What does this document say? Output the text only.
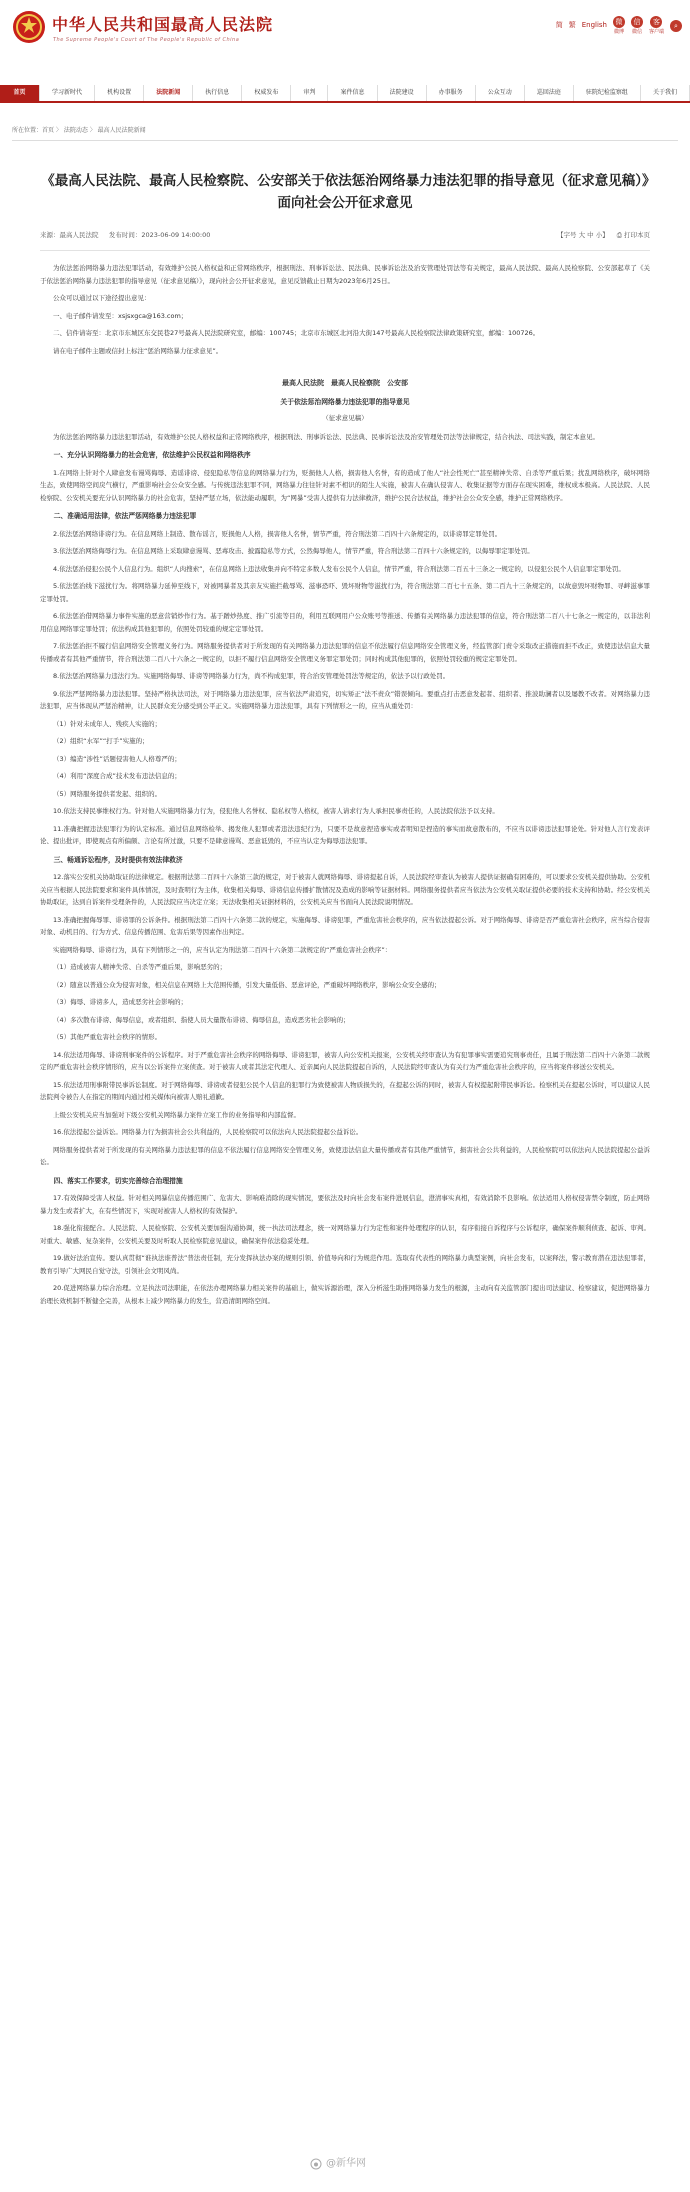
中华人民共和国最高人民法院
The Supreme People's Court of The People's Republic of China
简 繁 English	微
微博
信
微信
客
客户端
⌕
首页	学习新时代	机构设置	法院新闻	执行信息	权威发布	审判	案件信息	法院建设	办事服务	公众互动	巡回法庭	驻院纪检监察组	关于我们
所在位置：首页 〉 法院动态 〉 最高人民法院新闻
《最高人民法院、最高人民检察院、公安部关于依法惩治网络暴力违法犯罪的指导意见（征求意见稿）》面向社会公开征求意见
来源：最高人民法院 发布时间：2023-06-09 14:00:00	【字号 大 中 小】 ⎙ 打印本页

为依法惩治网络暴力违法犯罪活动，有效维护公民人格权益和正常网络秩序，根据刑法、刑事诉讼法、民法典、民事诉讼法及治安管理处罚法等有关规定，最高人民法院、最高人民检察院、公安部起草了《关于依法惩治网络暴力违法犯罪的指导意见（征求意见稿）》，现向社会公开征求意见，意见反馈截止日期为2023年6月25日。

公众可以通过以下途径提出意见：

一、电子邮件请发至：xsjsxgca@163.com；

二、信件请寄至：北京市东城区东交民巷27号最高人民法院研究室，邮编：100745；北京市东城区北河沿大街147号最高人民检察院法律政策研究室，邮编：100726。

请在电子邮件主题或信封上标注“惩治网络暴力征求意见”。

最高人民法院　最高人民检察院　公安部
关于依法惩治网络暴力违法犯罪的指导意见
（征求意见稿）

为依法惩治网络暴力违法犯罪活动，有效维护公民人格权益和正常网络秩序，根据刑法、刑事诉讼法、民法典、民事诉讼法及治安管理处罚法等法律规定，结合执法、司法实践，制定本意见。

一、充分认识网络暴力的社会危害，依法维护公民权益和网络秩序

1.在网络上针对个人肆意发布谩骂侮辱、造谣诽谤、侵犯隐私等信息的网络暴力行为，贬损他人人格，损害他人名誉，有的造成了他人“社会性死亡”甚至精神失常、自杀等严重后果；扰乱网络秩序，破坏网络生态，致使网络空间戾气横行，严重影响社会公众安全感。与传统违法犯罪不同，网络暴力往往针对素不相识的陌生人实施，被害人在确认侵害人、收集证据等方面存在现实困难，维权成本极高。人民法院、人民检察院、公安机关要充分认识网络暴力的社会危害，坚持严惩立场，依法能动履职，为“网暴”受害人提供有力法律救济，维护公民合法权益，维护社会公众安全感，维护正常网络秩序。

二、准确适用法律，依法严惩网络暴力违法犯罪

2.依法惩治网络诽谤行为。在信息网络上制造、散布谣言，贬损他人人格，损害他人名誉，情节严重，符合刑法第二百四十六条规定的，以诽谤罪定罪处罚。

3.依法惩治网络侮辱行为。在信息网络上采取肆意谩骂、恶毒攻击、披露隐私等方式，公然侮辱他人，情节严重，符合刑法第二百四十六条规定的，以侮辱罪定罪处罚。

4.依法惩治侵犯公民个人信息行为。组织“人肉搜索”，在信息网络上违法收集并向不特定多数人发布公民个人信息，情节严重，符合刑法第二百五十三条之一规定的，以侵犯公民个人信息罪定罪处罚。

5.依法惩治线下滋扰行为。将网络暴力延伸至线下，对被网暴者及其亲友实施拦截辱骂、滋事恐吓、毁坏财物等滋扰行为，符合刑法第二百七十五条、第二百九十三条规定的，以故意毁坏财物罪、寻衅滋事罪定罪处罚。

6.依法惩治借网络暴力事件实施的恶意营销炒作行为。基于蹭炒热度、推广引流等目的，利用互联网用户公众账号等推送、传播有关网络暴力违法犯罪的信息，符合刑法第二百八十七条之一规定的，以非法利用信息网络罪定罪处罚；依法构成其他犯罪的，依照处罚较重的规定定罪处罚。

7.依法惩治拒不履行信息网络安全管理义务行为。网络服务提供者对于所发现的有关网络暴力违法犯罪的信息不依法履行信息网络安全管理义务，经监管部门责令采取改正措施而拒不改正，致使违法信息大量传播或者有其他严重情节，符合刑法第二百八十六条之一规定的，以拒不履行信息网络安全管理义务罪定罪处罚；同时构成其他犯罪的，依照处罚较重的规定定罪处罚。

8.依法惩治网络暴力违法行为。实施网络侮辱、诽谤等网络暴力行为，尚不构成犯罪，符合治安管理处罚法等规定的，依法予以行政处罚。

9.依法严惩网络暴力违法犯罪。坚持严格执法司法，对于网络暴力违法犯罪，应当依法严肃追究，切实矫正“法不责众”错误倾向。要重点打击恶意发起者、组织者、推波助澜者以及屡教不改者。对网络暴力违法犯罪，应当体现从严惩治精神，让人民群众充分感受到公平正义。实施网络暴力违法犯罪，具有下列情形之一的，应当从重处罚：

（1）针对未成年人、残疾人实施的；

（2）组织“水军”“打手”实施的；

（3）编造“涉性”话题侵害他人人格尊严的；

（4）利用“深度合成”技术发布违法信息的；

（5）网络服务提供者发起、组织的。

10.依法支持民事维权行为。针对他人实施网络暴力行为，侵犯他人名誉权、隐私权等人格权，被害人请求行为人承担民事责任的，人民法院依法予以支持。

11.准确把握违法犯罪行为的认定标准。通过信息网络检举、揭发他人犯罪或者违法违纪行为，只要不是故意捏造事实或者明知是捏造的事实而故意散布的，不应当以诽谤违法犯罪论处。针对他人言行发表评论、提出批评，即使观点有所偏颇、言论有所过激，只要不是肆意谩骂、恶意诋毁的，不应当认定为侮辱违法犯罪。

三、畅通诉讼程序，及时提供有效法律救济

12.落实公安机关协助取证的法律规定。根据刑法第二百四十六条第三款的规定，对于被害人就网络侮辱、诽谤提起自诉，人民法院经审查认为被害人提供证据确有困难的，可以要求公安机关提供协助。公安机关应当根据人民法院要求和案件具体情况，及时查明行为主体，收集相关侮辱、诽谤信息传播扩散情况及造成的影响等证据材料。网络服务提供者应当依法为公安机关取证提供必要的技术支持和协助。经公安机关协助取证，达到自诉案件受理条件的，人民法院应当决定立案；无法收集相关证据材料的，公安机关应当书面向人民法院说明情况。

13.准确把握侮辱罪、诽谤罪的公诉条件。根据刑法第二百四十六条第二款的规定，实施侮辱、诽谤犯罪，严重危害社会秩序的，应当依法提起公诉。对于网络侮辱、诽谤是否严重危害社会秩序，应当综合侵害对象、动机目的、行为方式、信息传播范围、危害后果等因素作出判定。

实施网络侮辱、诽谤行为，具有下列情形之一的，应当认定为刑法第二百四十六条第二款规定的“严重危害社会秩序”：

（1）造成被害人精神失常、自杀等严重后果，影响恶劣的；

（2）随意以普通公众为侵害对象，相关信息在网络上大范围传播，引发大量低俗、恶意评论，严重破坏网络秩序，影响公众安全感的；

（3）侮辱、诽谤多人，造成恶劣社会影响的；

（4）多次散布诽谤、侮辱信息，或者组织、指使人员大量散布诽谤、侮辱信息，造成恶劣社会影响的；

（5）其他严重危害社会秩序的情形。

14.依法适用侮辱、诽谤刑事案件的公诉程序。对于严重危害社会秩序的网络侮辱、诽谤犯罪，被害人向公安机关报案，公安机关经审查认为有犯罪事实需要追究刑事责任，且属于刑法第二百四十六条第二款规定的严重危害社会秩序情形的，应当以公诉案件立案侦查。对于被害人或者其法定代理人、近亲属向人民法院提起自诉的，人民法院经审查认为有关行为严重危害社会秩序的，应当将案件移送公安机关。

15.依法适用刑事附带民事诉讼制度。对于网络侮辱、诽谤或者侵犯公民个人信息的犯罪行为致使被害人物质损失的，在提起公诉的同时，被害人有权提起附带民事诉讼。检察机关在提起公诉时，可以建议人民法院判令被告人在指定的期间内通过相关媒体向被害人赔礼道歉。

上级公安机关应当加强对下级公安机关网络暴力案件立案工作的业务指导和内部监督。

16.依法提起公益诉讼。网络暴力行为损害社会公共利益的，人民检察院可以依法向人民法院提起公益诉讼。

网络服务提供者对于所发现的有关网络暴力违法犯罪的信息不依法履行信息网络安全管理义务，致使违法信息大量传播或者有其他严重情节，损害社会公共利益的，人民检察院可以依法向人民法院提起公益诉讼。

四、落实工作要求，切实完善综合治理措施

17.有效保障受害人权益。针对相关网暴信息传播范围广、危害大、影响难消除的现实情况，要依法及时向社会发布案件进展信息，澄清事实真相，有效消除不良影响。依法适用人格权侵害禁令制度，防止网络暴力发生或者扩大，在有些情况下，实现对被害人人格权的有效保护。

18.强化衔接配合。人民法院、人民检察院、公安机关要加强沟通协调，统一执法司法理念，统一对网络暴力行为定性和案件处理程序的认识，有序衔接自诉程序与公诉程序，确保案件顺利侦查、起诉、审判。对重大、敏感、复杂案件，公安机关要及时听取人民检察院意见建议，确保案件依法稳妥处理。

19.做好法治宣传。要认真贯彻“谁执法谁普法”普法责任制，充分发挥执法办案的规则引领、价值导向和行为规范作用。选取有代表性的网络暴力典型案例，向社会发布，以案释法，警示教育潜在违法犯罪者，教育引导广大网民自觉守法，引领社会文明风尚。

20.促进网络暴力综合治理。立足执法司法职能，在依法办理网络暴力相关案件的基础上，做实诉源治理，深入分析滋生助推网络暴力发生的根源，主动向有关监管部门提出司法建议、检察建议，促进网络暴力治理长效机制不断健全完善，从根本上减少网络暴力的发生，营造清朗网络空间。

@新华网
